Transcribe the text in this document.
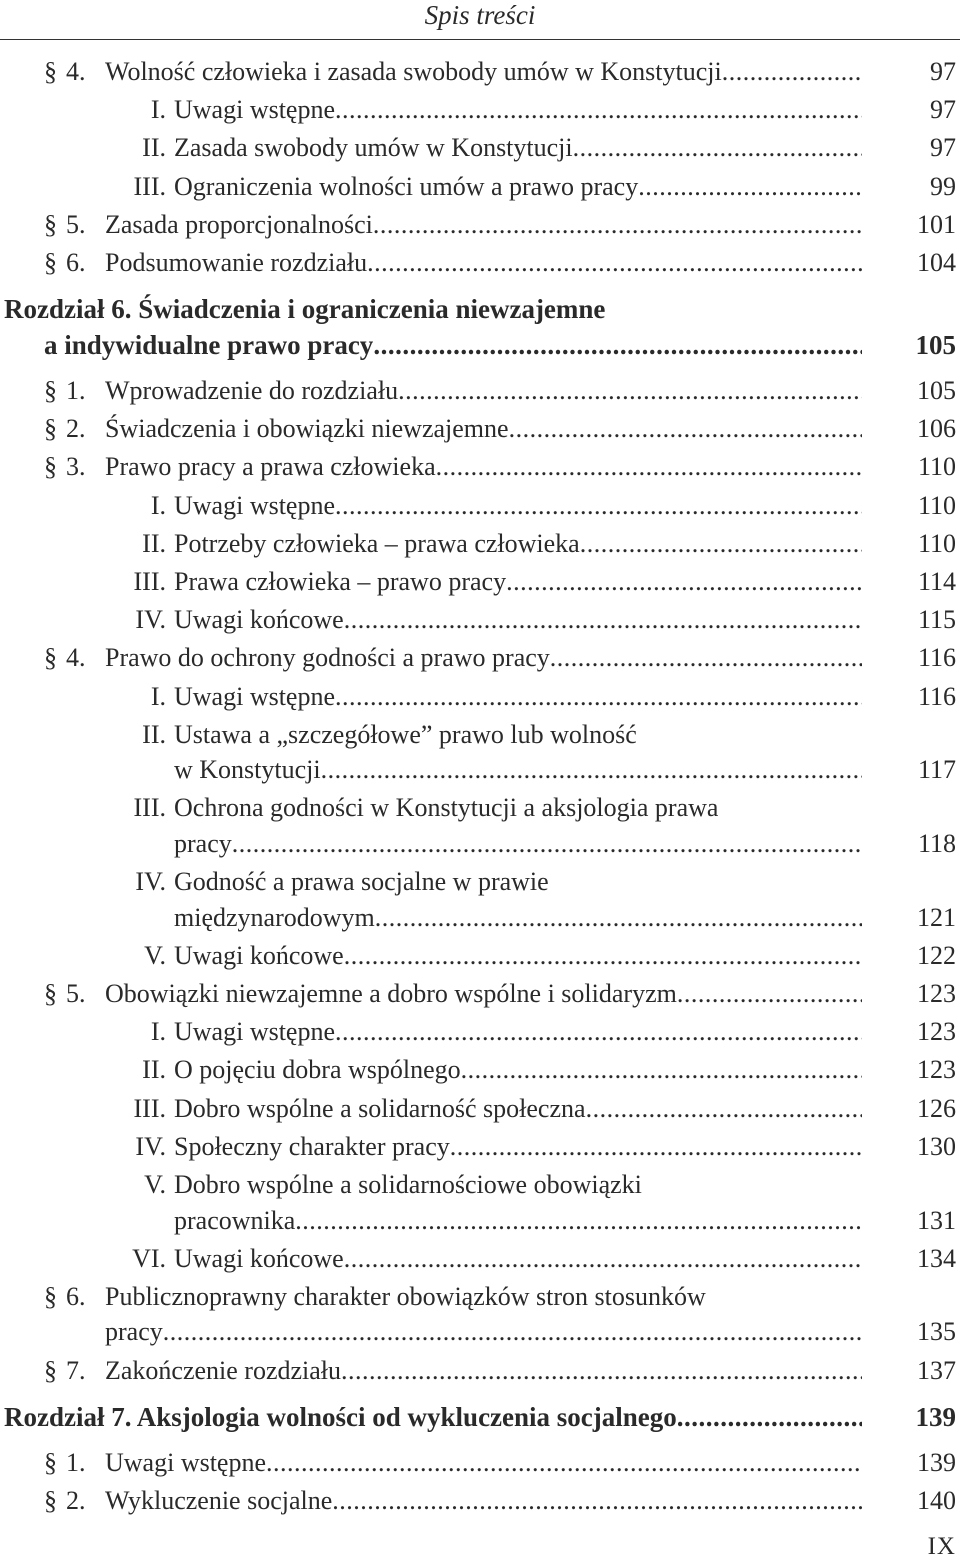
Spis treści
§ 4. Wolność człowieka i zasada swobody umów w Konstytucji .....	97
I. Uwagi wstępne .....	97
II. Zasada swobody umów w Konstytucji .....	97
III. Ograniczenia wolności umów a prawo pracy .....	99
§ 5. Zasada proporcjonalności .....	101
§ 6. Podsumowanie rozdziału .....	104
Rozdział 6. Świadczenia i ograniczenia niewzajemne
a indywidualne prawo pracy .....	105
§ 1. Wprowadzenie do rozdziału .....	105
§ 2. Świadczenia i obowiązki niewzajemne .....	106
§ 3. Prawo pracy a prawa człowieka .....	110
I. Uwagi wstępne .....	110
II. Potrzeby człowieka – prawa człowieka .....	110
III. Prawa człowieka – prawo pracy .....	114
IV. Uwagi końcowe .....	115
§ 4. Prawo do ochrony godności a prawo pracy .....	116
I. Uwagi wstępne .....	116
II. Ustawa a „szczegółowe” prawo lub wolność
w Konstytucji .....	117
III. Ochrona godności w Konstytucji a aksjologia prawa
pracy .....	118
IV. Godność a prawa socjalne w prawie
międzynarodowym .....	121
V. Uwagi końcowe .....	122
§ 5. Obowiązki niewzajemne a dobro wspólne i solidaryzm .....	123
I. Uwagi wstępne .....	123
II. O pojęciu dobra wspólnego .....	123
III. Dobro wspólne a solidarność społeczna .....	126
IV. Społeczny charakter pracy .....	130
V. Dobro wspólne a solidarnościowe obowiązki
pracownika .....	131
VI. Uwagi końcowe .....	134
§ 6. Publicznoprawny charakter obowiązków stron stosunków
pracy .....	135
§ 7. Zakończenie rozdziału .....	137
Rozdział 7. Aksjologia wolności od wykluczenia socjalnego .....	139
§ 1. Uwagi wstępne .....	139
§ 2. Wykluczenie socjalne .....	140
IX
